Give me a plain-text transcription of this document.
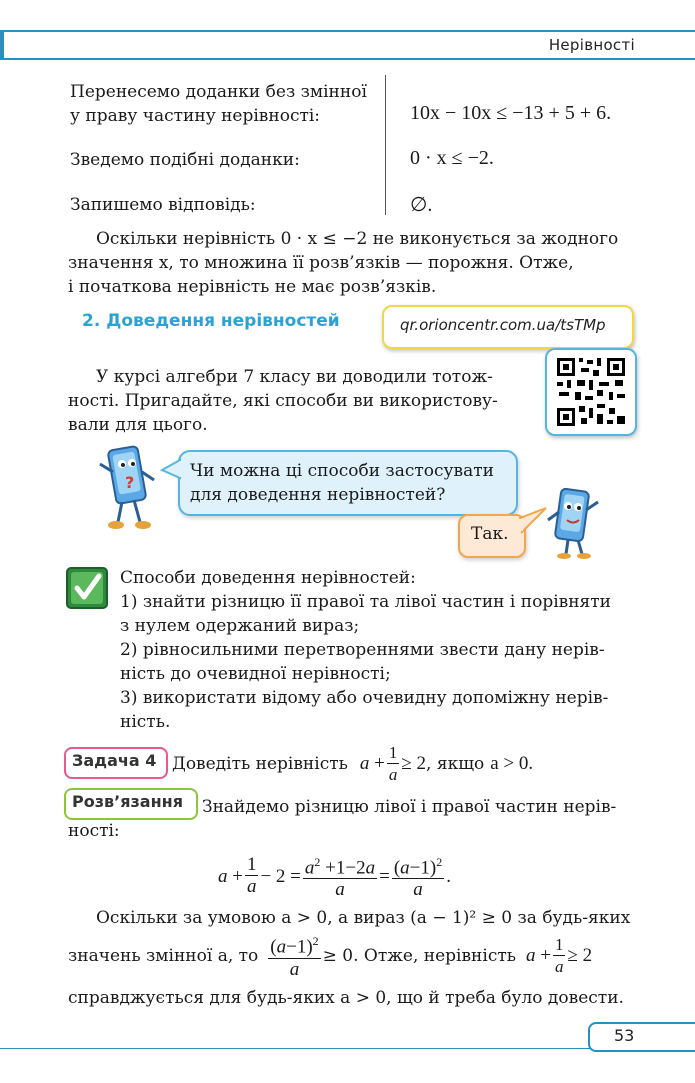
Нерівності
Перенесемо доданки без змінної
у праву частину нерівності:	10x − 10x ≤ −13 + 5 + 6.
Зведемо подібні доданки:	0 · x ≤ −2.
Запишемо відповідь:	∅.
Оскільки нерівність 0 · x ≤ −2 не виконується за жодного
значення x, то множина її розв’язків — порожня. Отже,
і початкова нерівність не має розв’язків.
2. Доведення нерівностей	qr.orioncentr.com.ua/tsTMp
У курсі алгебри 7 класу ви доводили тотож-
ності. Пригадайте, які способи ви використову-
вали для цього.
?
Чи можна ці способи застосувати
для доведення нерівностей?
Так.
Способи доведення нерівностей:
1) знайти різницю її правої та лівої частин і порівняти
з нулем одержаний вираз;
2) рівносильними перетвореннями звести дану нерів-
ність до очевидної нерівності;
3) використати відому або очевидну допоміжну нерів-
ність.
Задача 4 Доведіть нерівність $a + \frac{1}{a} \ge 2$ , якщо a > 0.
Розв’язання Знайдемо різницю лівої і правої частин нерів-
ності:
$a + \frac{1}{a} - 2 = \frac{a^2 +1-2a}{a} = \frac{(a-1)^2}{a}$ .
Оскільки за умовою a > 0, а вираз (a − 1)² ≥ 0 за будь-яких
значень змінної a, то $\frac{(a-1)^2}{a} \ge 0$. Отже, нерівність $a + \frac{1}{a} \ge 2$
справджується для будь-яких a > 0, що й треба було довести.
53
